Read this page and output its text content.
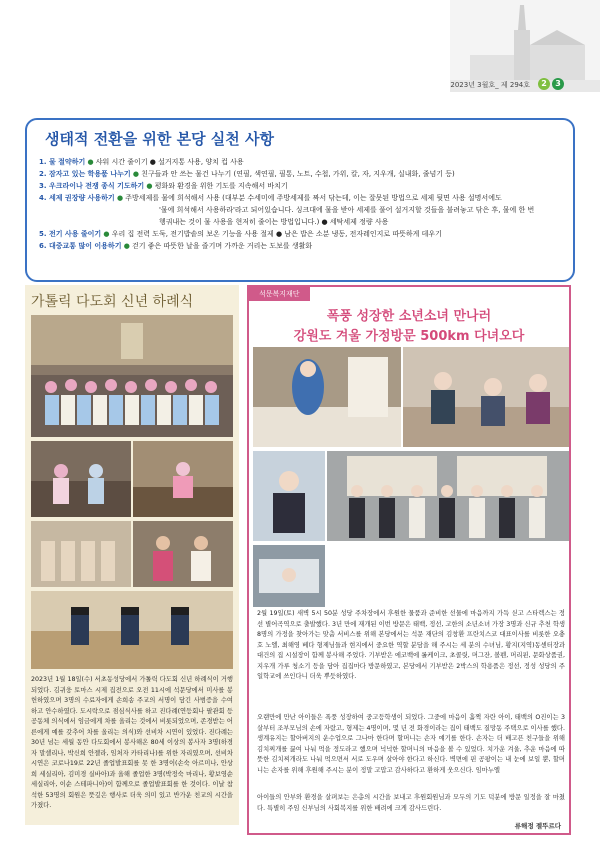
2023년 3월호_ 제 294호	2	3
생태적 전환을 위한 본당 실천 사항
1. 물 절약하기 ● 샤워 시간 줄이기 ● 설거지통 사용, 양치 컵 사용
2. 잠자고 있는 학용품 나누기 ● 친구들과 안 쓰는 물건 나누기 (연필, 색연필, 필통, 노트, 수첩, 가위, 칼, 자, 지우개, 실내화, 줄넘기 등)
3. 우크라이나 전쟁 종식 기도하기 ● 평화와 환경을 위한 기도를 지속해서 바치기
4. 세제 권장량 사용하기 ● 주방세제를 물에 희석해서 사용 (대부분 수세미에 주방세제를 짜서 닦는데, 이는 잘못된 방법으로 세제 뒷면 사용 설명서에도
'물에 희석해서 사용하라'라고 되어있습니다. 싱크대에 물을 받아 세제를 풀어 설거지할 것들을 불려놓고 닦은 후, 물에 한 번
헹궈내는 것이 물 사용을 현저히 줄이는 방법입니다.) ● 세탁세제 정량 사용
5. 전기 사용 줄이기 ● 우리 집 전력 도둑, 전기밥솥의 보온 기능을 사용 절제 ● 남은 밥은 소분 냉동, 전자레인지로 따뜻하게 데우기
6. 대중교통 많이 이용하기 ● 걷기 좋은 따뜻한 날을 즐기며 가까운 거리는 도보를 생활화
가톨릭 다도회 신년 하례식
2023년 1월 18일(수) 서초동성당에서 가톨릭 다도회 신년 하례식이 거행되었다. 김귀웅 토마스 시제 집전으로 오전 11시에 석문당에서 미사를 봉헌하였으며 3명의 수료자에게 손희송 주교의 서명이 담긴 사범증을 수여하고 안수하였다. 도시락으로 점심식사를 하고 진다례(연등회나 팔관회 등 공동체 의식에서 임금에게 차를 올리는 것에서 비롯되었으며, 존경받는 어른에게 예를 갖추어 차를 올리는 의식)와 선비차 시연이 있었다. 진다례는 30년 넘는 세월 동안 다도회에서 봉사해온 80세 이상의 봉사자 3명(하경자 말셀리나, 박신희 안젤라, 임처자 카타리나)를 위한 자리였으며, 선비차 시연은 코로나19로 22년 졸업발표회를 못 한 3명이(손숙 아르미나, 안상희 세실리아, 김미경 실바아)과 올해 졸업한 3명(박정숙 마리나, 황보영순 세실리아, 이순 스테파니아)이 함께으로 졸업발표회를 한 것이다. 이날 참석한 53명의 회원은 뜻깊은 행사로 더욱 의미 있고 반가운 친교의 시간을 가졌다.
석문복지재단
폭풍 성장한 소년소녀 만나러
강원도 겨울 가정방문 500km 다녀오다
2월 19일(토) 새벽 5시 50분 성당 주차장에서 후원한 물품과 준비한 선물에 마음까지 가득 싣고 스타렉스는 정선 별어곡역으로 출발했다. 3년 만에 재개된 이번 방문은 태백, 정선, 고한의 소년소녀 가장 3명과 신규 추천 학생 8명의 가정을 찾아가는 맞춤 서비스를 위해 본당에서는 석문 재단의 김창환 프란치스코 대표이사를 비롯한 오충호 노엘, 최해영 베다 형제님들과 현지에서 중요한 역할 분담을 해 주시는 세 분의 수녀님, 황지(지역)동센터장과 대건의 집 시설장이 함께 봉사해 주었다. 기부받은 에코백에 롤케이크, 초콜릿, 머그잔, 볼펜, 머리핀, 문화상품권, 지우개 가루 청소기 등을 담아 집집마다 방문하였고, 본당에서 기부받은 2박스의 학용품은 정선, 정성 성당의 주일학교에 쓰인다니 더욱 뿌듯하였다.
오랜만에 만난 아이들은 폭풍 성장하여 중고등학생이 되었다. 그중에 마음이 흘쩍 자란 아이, 태백의 O진이는 3살부터 조부모님의 손에 자랐고, 형제는 4명이며, 몇 년 전 화경이라는 집이 태백도 질망동 주택으로 이사를 했다. 생계유지는 할아버지의 운수업으로 그나마 한다며 할머니는 손자 얘기를 한다. 손자는 더 배고픈 친구들을 위해 김치찌개를 끓여 나눠 먹을 정도라고 했으며 넉넉한 할머니의 마음을 볼 수 있었다. 치가운 겨울, 추운 마음에 따뜻한 김치찌개라도 나눠 먹으면서 서로 도우며 살아야 한다고 하신다. 벽면에 핀 공팡이는 내 눈에 보일 뿐, 할머니는 손자를 위해 후원해 주시는 분이 정말 고맙고 감사하다고 환하게 웃으신다. 임마누엘
아이들의 안부와 환경을 살펴보는 은총의 시간을 보내고 후원회원님과 모두의 기도 덕분에 방문 일정을 잘 마쳤다. 특별히 주임 신부님의 사회복지를 위한 배려에 크게 감사드린다.
류해정 젤뚜르다
